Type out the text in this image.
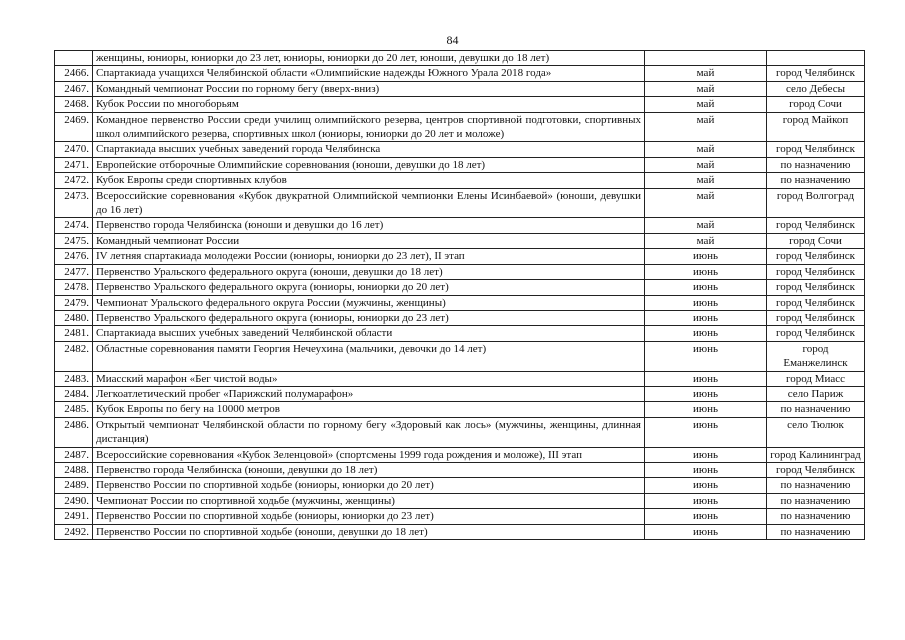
84
	женщины, юниоры, юниорки до 23 лет, юниоры, юниорки до 20 лет, юноши, девушки до 18 лет)		
2466.	Спартакиада учащихся Челябинской области «Олимпийские надежды Южного Урала 2018 года»	май	город Челябинск
2467.	Командный чемпионат России по горному бегу (вверх-вниз)	май	село Дебесы
2468.	Кубок России по многоборьям	май	город Сочи
2469.	Командное первенство России среди училищ олимпийского резерва, центров спортивной подготовки, спортивных школ олимпийского резерва, спортивных школ (юниоры, юниорки до 20 лет и моложе)	май	город Майкоп
2470.	Спартакиада высших учебных заведений города Челябинска	май	город Челябинск
2471.	Европейские отборочные Олимпийские соревнования (юноши, девушки до 18 лет)	май	по назначению
2472.	Кубок Европы среди спортивных клубов	май	по назначению
2473.	Всероссийские соревнования «Кубок двукратной Олимпийской чемпионки Елены Исинбаевой» (юноши, девушки до 16 лет)	май	город Волгоград
2474.	Первенство города Челябинска (юноши и девушки до 16 лет)	май	город Челябинск
2475.	Командный чемпионат России	май	город Сочи
2476.	IV летняя спартакиада молодежи России (юниоры, юниорки до 23 лет), II этап	июнь	город Челябинск
2477.	Первенство Уральского федерального округа (юноши, девушки до 18 лет)	июнь	город Челябинск
2478.	Первенство Уральского федерального округа (юниоры, юниорки до 20 лет)	июнь	город Челябинск
2479.	Чемпионат Уральского федерального округа России (мужчины, женщины)	июнь	город Челябинск
2480.	Первенство Уральского федерального округа (юниоры, юниорки до 23 лет)	июнь	город Челябинск
2481.	Спартакиада высших учебных заведений Челябинской области	июнь	город Челябинск
2482.	Областные соревнования памяти Георгия Нечеухина (мальчики, девочки до 14 лет)	июнь	город Еманжелинск
2483.	Миасский марафон «Бег чистой воды»	июнь	город Миасс
2484.	Легкоатлетический пробег «Парижский полумарафон»	июнь	село Париж
2485.	Кубок Европы по бегу на 10000 метров	июнь	по назначению
2486.	Открытый чемпионат Челябинской области по горному бегу «Здоровый как лось» (мужчины, женщины, длинная дистанция)	июнь	село Тюлюк
2487.	Всероссийские соревнования «Кубок Зеленцовой» (спортсмены 1999 года рождения и моложе), III этап	июнь	город Калининград
2488.	Первенство города Челябинска (юноши, девушки до 18 лет)	июнь	город Челябинск
2489.	Первенство России по спортивной ходьбе (юниоры, юниорки до 20 лет)	июнь	по назначению
2490.	Чемпионат России по спортивной ходьбе (мужчины, женщины)	июнь	по назначению
2491.	Первенство России по спортивной ходьбе (юниоры, юниорки до 23 лет)	июнь	по назначению
2492.	Первенство России по спортивной ходьбе (юноши, девушки до 18 лет)	июнь	по назначению
